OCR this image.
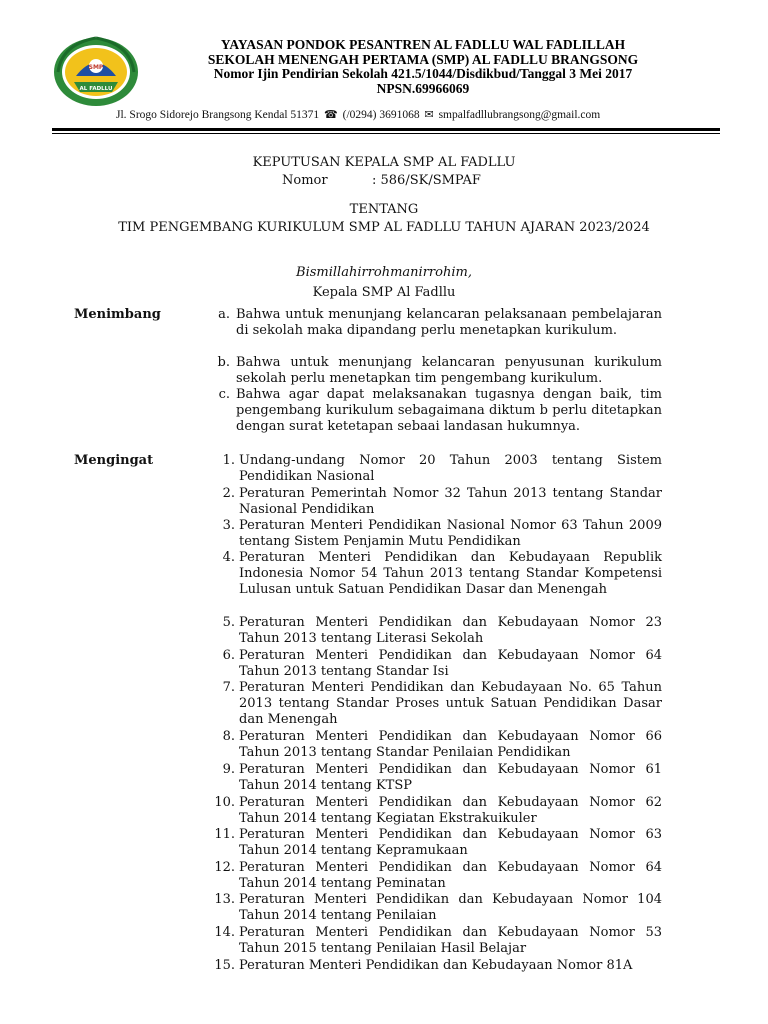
SMP
AL FADLLU
YAYASAN PONDOK PESANTREN AL FADLLU WAL FADLILLAH
SEKOLAH MENENGAH PERTAMA (SMP) AL FADLLU BRANGSONG
Nomor Ijin Pendirian Sekolah 421.5/1044/Disdikbud/Tanggal 3 Mei 2017
NPSN.69966069
Jl. Srogo Sidorejo Brangsong Kendal 51371 ☎ (/0294) 3691068 ✉ smpalfadllubrangsong@gmail.com
KEPUTUSAN KEPALA SMP AL FADLLU
Nomor	: 586/SK/SMPAF
TENTANG
TIM PENGEMBANG KURIKULUM SMP AL FADLLU TAHUN AJARAN 2023/2024
Bismillahirrohmanirrohim,
Kepala SMP Al Fadllu
Menimbang	a. Bahwa untuk menunjang kelancaran pelaksanaan pembelajaran di sekolah maka dipandang perlu menetapkan kurikulum.
b. Bahwa untuk menunjang kelancaran penyusunan kurikulum sekolah perlu menetapkan tim pengembang kurikulum.
c. Bahwa agar dapat melaksanakan tugasnya dengan baik, tim pengembang kurikulum sebagaimana diktum b perlu ditetapkan dengan surat ketetapan sebaai landasan hukumnya.
Mengingat	1. Undang-undang Nomor 20 Tahun 2003 tentang Sistem Pendidikan Nasional
2. Peraturan Pemerintah Nomor 32 Tahun 2013 tentang Standar Nasional Pendidikan
3. Peraturan Menteri Pendidikan Nasional Nomor 63 Tahun 2009 tentang Sistem Penjamin Mutu Pendidikan
4. Peraturan Menteri Pendidikan dan Kebudayaan Republik Indonesia Nomor 54 Tahun 2013 tentang Standar Kompetensi Lulusan untuk Satuan Pendidikan Dasar dan Menengah
5. Peraturan Menteri Pendidikan dan Kebudayaan Nomor 23 Tahun 2013 tentang Literasi Sekolah
6. Peraturan Menteri Pendidikan dan Kebudayaan Nomor 64 Tahun 2013 tentang Standar Isi
7. Peraturan Menteri Pendidikan dan Kebudayaan No. 65 Tahun 2013 tentang Standar Proses untuk Satuan Pendidikan Dasar dan Menengah
8. Peraturan Menteri Pendidikan dan Kebudayaan Nomor 66 Tahun 2013 tentang Standar Penilaian Pendidikan
9. Peraturan Menteri Pendidikan dan Kebudayaan Nomor 61 Tahun 2014 tentang KTSP
10. Peraturan Menteri Pendidikan dan Kebudayaan Nomor 62 Tahun 2014 tentang Kegiatan Ekstrakuikuler
11. Peraturan Menteri Pendidikan dan Kebudayaan Nomor 63 Tahun 2014 tentang Kepramukaan
12. Peraturan Menteri Pendidikan dan Kebudayaan Nomor 64 Tahun 2014 tentang Peminatan
13. Peraturan Menteri Pendidikan dan Kebudayaan Nomor 104 Tahun 2014 tentang Penilaian
14. Peraturan Menteri Pendidikan dan Kebudayaan Nomor 53 Tahun 2015 tentang Penilaian Hasil Belajar
15. Peraturan Menteri Pendidikan dan Kebudayaan Nomor 81A
